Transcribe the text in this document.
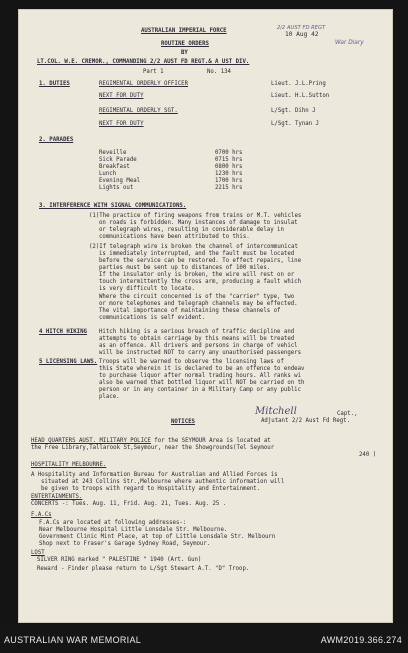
AUSTRALIAN IMPERIAL FORCE	2/2 AUST FD REGT
10 Aug 42
War Diary
ROUTINE ORDERS
BY
LT.COL. W.E. CREMOR., COMMANDING 2/2 AUST FD REGT.& A UST DIV.
Part 1	No. 134
1. DUTIES	REGIMENTAL ORDERLY OFFICER	Lieut. J.L.Pring
NEXT FOR DUTY	Lieut. H.L.Sutton
REGIMENTAL ORDERLY SGT.	L/Sgt. Dihn J
NEXT FOR DUTY	L/Sgt. Tynan J
2. PARADES
Reveille	0700 hrs
Sick Parade	0715 hrs
Breakfast	0800 hrs
Lunch	1230 hrs
Evening Meal	1700 hrs
Lights out	2215 hrs
3. INTERFERENCE WITH SIGNAL COMMUNICATIONS.
(1)The practice of firing weapons from trains or M.T. vehicles
on roads is forbidden. Many instances of damage to insulat
or telegraph wires, resulting in considerable delay in
communications have been attributed to this.
(2)If telegraph wire is broken the channel of intercommunicat
is immediately interrupted, and the fault must be located
before the service can be restored. To effect repairs, line
parties must be sent up to distances of 100 miles.
If the insulator only is broken, the wire will rest on or
touch intermittently the cross arm, producing a fault which
is very difficult to locate.
Where the circuit concerned is of the "carrier" type, two
or more telephones and telegraph channels may be effected.
The vital importance of maintaining these channels of
communications is self evident.
4 HITCH HIKING Hitch hiking is a serious breach of traffic decipline and
attempts to obtain carriage by this means will be treated
as an offence. All drivers and persons in charge of vehicl
will be instructed NOT to carry any unauthorised passengers
5 LICENSING LAWS. Troops will be warned to observe the licensing laws of
this State wherein it is declared to be an offence to endeav
to purchase liquor after normal trading hours. All ranks wi
also be warned that bottled liquor will NOT be carried on th
person or in any container in a Military Camp or any public
place.
Mitchell	Capt.,
Adjutant 2/2 Aust Fd Regt.
NOTICES
HEAD QUARTERS AUST. MILITARY POLICE for the SEYMOUR Area is located at
the Free Library,Tallarook St,Seymour, near the Showgrounds(Tel Seymour
240 )
HOSPITALITY MELBOURNE.
A Hospitality and Information Bureau for Australian and Allied Forces is
situated at 243 Collins Str.,Melbourne where authentic information will
be given to troops with regard to Hospitality and Entertainment.
ENTERTAINMENTS.
CONCERTS -: Tues. Aug. 11, Frid. Aug. 21, Tues. Aug. 25 .
F.A.Cs
F.A.Cs are located at following addresses-:
Near Melbourne Hospital Little Lonsdale Str. Melbourne.
Government Clinic Mint Place, at top of Little Lonsdale Str. Melbourn
Shop next to Fraser's Garage Sydney Road, Seymour.
LOST
SILVER RING marked " PALESTINE " 1940 (Art. Gun)
Reward - Finder please return to L/Sgt Stewart A.T. "D" Troop.
AUSTRALIAN WAR MEMORIAL	AWM2019.366.274
